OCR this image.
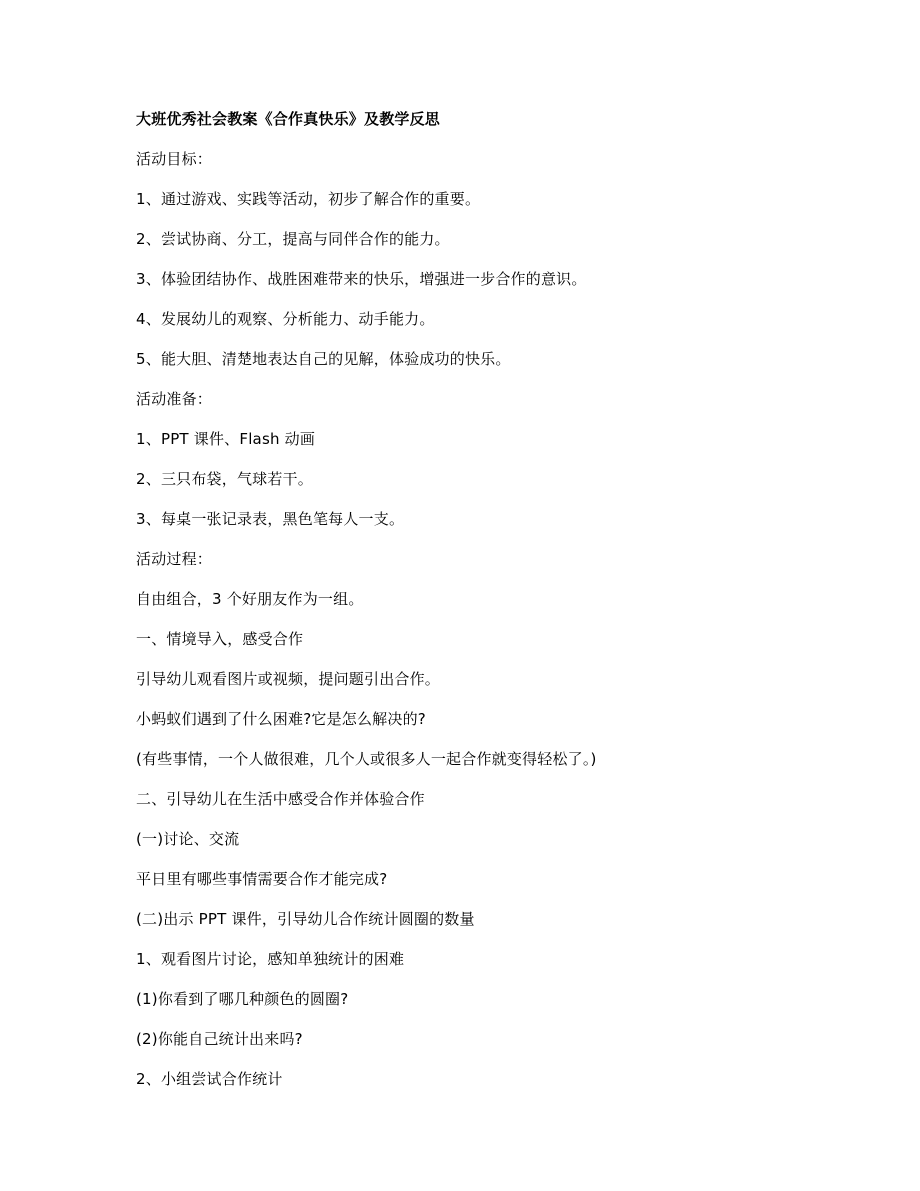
大班优秀社会教案《合作真快乐》及教学反思
活动目标：
1、通过游戏、实践等活动，初步了解合作的重要。
2、尝试协商、分工，提高与同伴合作的能力。
3、体验团结协作、战胜困难带来的快乐，增强进一步合作的意识。
4、发展幼儿的观察、分析能力、动手能力。
5、能大胆、清楚地表达自己的见解，体验成功的快乐。
活动准备：
1、PPT 课件、Flash 动画
2、三只布袋，气球若干。
3、每桌一张记录表，黑色笔每人一支。
活动过程：
自由组合，3 个好朋友作为一组。
一、情境导入，感受合作
引导幼儿观看图片或视频，提问题引出合作。
小蚂蚁们遇到了什么困难?它是怎么解决的?
(有些事情，一个人做很难，几个人或很多人一起合作就变得轻松了。)
二、引导幼儿在生活中感受合作并体验合作
(一)讨论、交流
平日里有哪些事情需要合作才能完成?
(二)出示 PPT 课件，引导幼儿合作统计圆圈的数量
1、观看图片讨论，感知单独统计的困难
(1)你看到了哪几种颜色的圆圈?
(2)你能自己统计出来吗?
2、小组尝试合作统计
